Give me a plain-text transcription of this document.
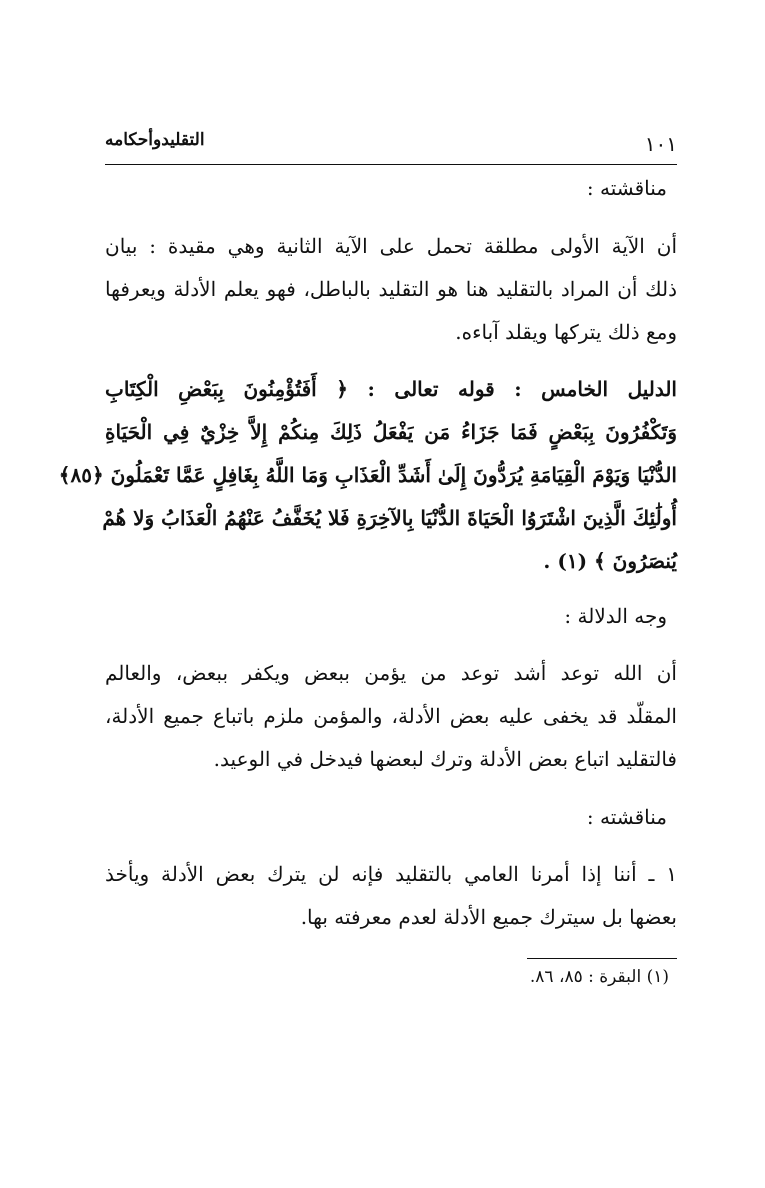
التقليدوأحكامه	١٠١
مناقشته :
أن الآية الأولى مطلقة تحمل على الآية الثانية وهي مقيدة : بيان
ذلك أن المراد بالتقليد هنا هو التقليد بالباطل، فهو يعلم الأدلة ويعرفها
ومع ذلك يتركها ويقلد آباءه.
الدليل الخامس : قوله تعالى : ﴿ أَفَتُؤْمِنُونَ بِبَعْضِ الْكِتَابِ
وَتَكْفُرُونَ بِبَعْضٍ فَمَا جَزَاءُ مَن يَفْعَلُ ذَلِكَ مِنكُمْ إِلاَّ خِزْيٌ فِي الْحَيَاةِ
الدُّنْيَا وَيَوْمَ الْقِيَامَةِ يُرَدُّونَ إِلَىٰ أَشَدِّ الْعَذَابِ وَمَا اللَّهُ بِغَافِلٍ عَمَّا تَعْمَلُونَ ﴿٨٥﴾
أُولَٰئِكَ الَّذِينَ اشْتَرَوُا الْحَيَاةَ الدُّنْيَا بِالآخِرَةِ فَلا يُخَفَّفُ عَنْهُمُ الْعَذَابُ وَلا هُمْ
يُنصَرُونَ ﴾ (١) .
وجه الدلالة :
أن الله توعد أشد توعد من يؤمن ببعض ويكفر ببعض، والعالم
المقلّد قد يخفى عليه بعض الأدلة، والمؤمن ملزم باتباع جميع الأدلة،
فالتقليد اتباع بعض الأدلة وترك لبعضها فيدخل في الوعيد.
مناقشته :
١ ـ أننا إذا أمرنا العامي بالتقليد فإنه لن يترك بعض الأدلة ويأخذ
بعضها بل سيترك جميع الأدلة لعدم معرفته بها.
(١) البقرة : ٨٥، ٨٦.
